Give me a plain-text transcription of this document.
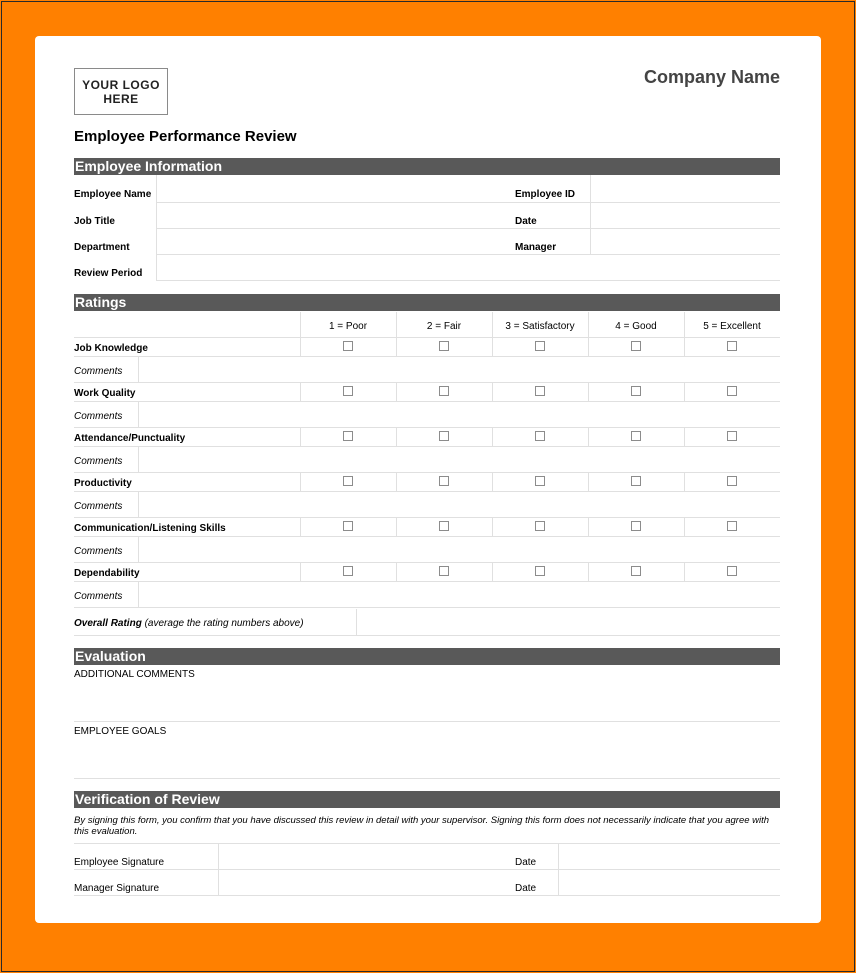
YOUR LOGO
HERE
Company Name
Employee Performance Review
Employee Information
Employee Name	Employee ID
Job Title	Date
Department	Manager
Review Period
Ratings
1 = Poor	2 = Fair	3 = Satisfactory	4 = Good	5 = Excellent
Job Knowledge
Comments
Work Quality
Comments
Attendance/Punctuality
Comments
Productivity
Comments
Communication/Listening Skills
Comments
Dependability
Comments
Overall Rating (average the rating numbers above)
Evaluation
ADDITIONAL COMMENTS
EMPLOYEE GOALS
Verification of Review
By signing this form, you confirm that you have discussed this review in detail with your supervisor. Signing this form does not necessarily indicate that you agree with this evaluation.
Employee Signature	Date
Manager Signature	Date
